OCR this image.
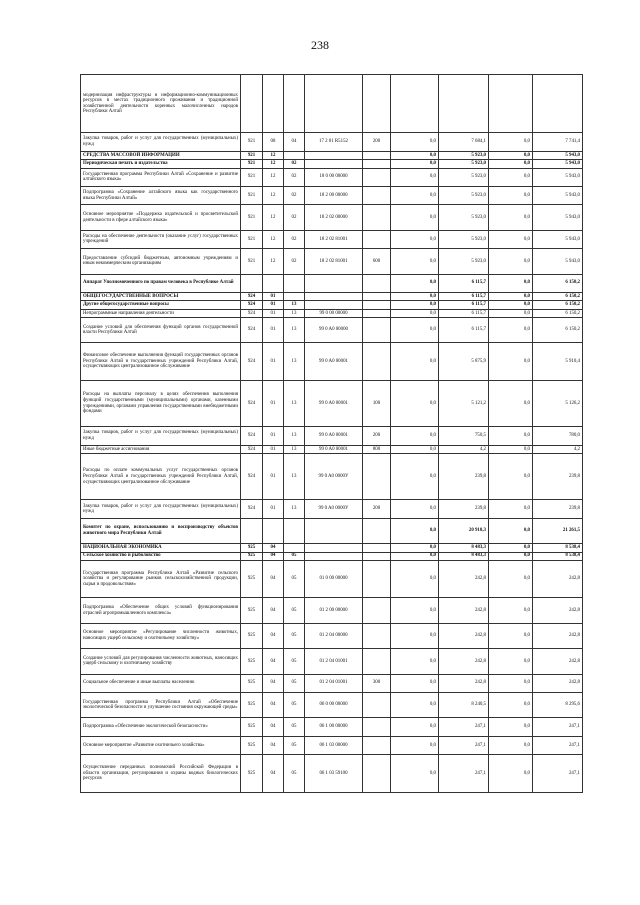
238
модернизация инфраструктуры и информационно-коммуникационных ресурсов в местах традиционного проживания и традиционной хозяйственной деятельности коренных малочисленных народов Республики Алтай									
Закупка товаров, работ и услуг для государственных (муниципальных) нужд	921	08	04	17 2 01 R5152	200	0,0	7 684,1	0,0	7 741,4
СРЕДСТВА МАССОВОЙ ИНФОРМАЦИИ	921	12				0,0	5 923,0	0,0	5 943,0
Периодическая печать и издательства	921	12	02			0,0	5 923,0	0,0	5 943,0
Государственная программа Республики Алтай «Сохранение и развитие алтайского языка»	921	12	02	18 0 00 00000		0,0	5 923,0	0,0	5 943,0
Подпрограмма «Сохранение алтайского языка как государственного языка Республики Алтай»	921	12	02	18 2 00 00000		0,0	5 923,0	0,0	5 943,0
Основное мероприятие «Поддержка издательской и просветительской деятельности в сфере алтайского языка»	921	12	02	18 2 02 00000		0,0	5 923,0	0,0	5 943,0
Расходы на обеспечение деятельности (оказание услуг) государственных учреждений	921	12	02	18 2 02 81001		0,0	5 923,0	0,0	5 943,0
Предоставление субсидий бюджетным, автономным учреждениям и иным некоммерческим организациям	921	12	02	18 2 02 81001	600	0,0	5 923,0	0,0	5 943,0
Аппарат Уполномоченного по правам человека в Республике Алтай						0,0	6 115,7	0,0	6 150,2
ОБЩЕГОСУДАРСТВЕННЫЕ ВОПРОСЫ	924	01				0,0	6 115,7	0,0	6 150,2
Другие общегосударственные вопросы	924	01	13			0,0	6 115,7	0,0	6 150,2
Непрограммные направления деятельности	924	01	13	99 0 00 00000		0,0	6 115,7	0,0	6 150,2
Создание условий для обеспечения функций органов государственной власти Республики Алтай	924	01	13	99 0 A0 00000		0,0	6 115,7	0,0	6 150,2
Финансовое обеспечение выполнения функций государственных органов Республики Алтай и государственных учреждений Республики Алтай, осуществляющих централизованное обслуживание	924	01	13	99 0 A0 00001		0,0	5 875,9	0,0	5 910,4
Расходы на выплаты персоналу в целях обеспечения выполнения функций государственными (муниципальными) органами, казенными учреждениями, органами управления государственными внебюджетными фондами	924	01	13	99 0 A0 00001	100	0,0	5 121,2	0,0	5 126,2
Закупка товаров, работ и услуг для государственных (муниципальных) нужд	924	01	13	99 0 A0 00001	200	0,0	750,5	0,0	780,0
Иные бюджетные ассигнования	924	01	13	99 0 A0 00001	800	0,0	4,2	0,0	4,2
Расходы по оплате коммунальных услуг государственных органов Республики Алтай и государственных учреждений Республики Алтай, осуществляющих централизованное обслуживание	924	01	13	99 0 A0 0000У		0,0	239,8	0,0	239,8
Закупка товаров, работ и услуг для государственных (муниципальных) нужд	924	01	13	99 0 A0 0000У	200	0,0	239,8	0,0	239,8
Комитет по охране, использованию и воспроизводству объектов животного мира Республики Алтай						0,0	20 910,3	0,0	21 261,5
НАЦИОНАЛЬНАЯ ЭКОНОМИКА	925	04				0,0	8 483,3	0,0	8 538,4
Сельское хозяйство и рыболовство	925	04	05			0,0	8 483,3	0,0	8 538,4
Государственная программа Республики Алтай «Развитие сельского хозяйства и регулирование рынков сельскохозяйственной продукции, сырья и продовольствия»	925	04	05	01 0 00 00000		0,0	242,8	0,0	242,8
Подпрограмма «Обеспечение общих условий функционирования отраслей агропромышленного комплекса»	925	04	05	01 2 00 00000		0,0	242,8	0,0	242,8
Основное мероприятие «Регулирование численности животных, наносящих ущерб сельскому и охотничьему хозяйству»	925	04	05	01 2 04 00000		0,0	242,8	0,0	242,8
Создание условий для регулирования численности животных, наносящих ущерб сельскому и охотничьему хозяйству	925	04	05	01 2 04 01001		0,0	242,8	0,0	242,8
Социальное обеспечение и иные выплаты населению	925	04	05	01 2 04 01001	300	0,0	242,8	0,0	242,8
Государственная программа Республики Алтай «Обеспечение экологической безопасности и улучшение состояния окружающей среды»	925	04	05	06 0 00 00000		0,0	8 240,5	0,0	8 295,6
Подпрограмма «Обеспечение экологической безопасности»	925	04	05	06 1 00 00000		0,0	247,1	0,0	247,1
Основное мероприятие «Развитие охотничьего хозяйства»	925	04	05	06 1 03 00000		0,0	247,1	0,0	247,1
Осуществление переданных полномочий Российской Федерации в области организации, регулирования и охраны водных биологических ресурсов	925	04	05	06 1 03 59100		0,0	247,1	0,0	247,1
